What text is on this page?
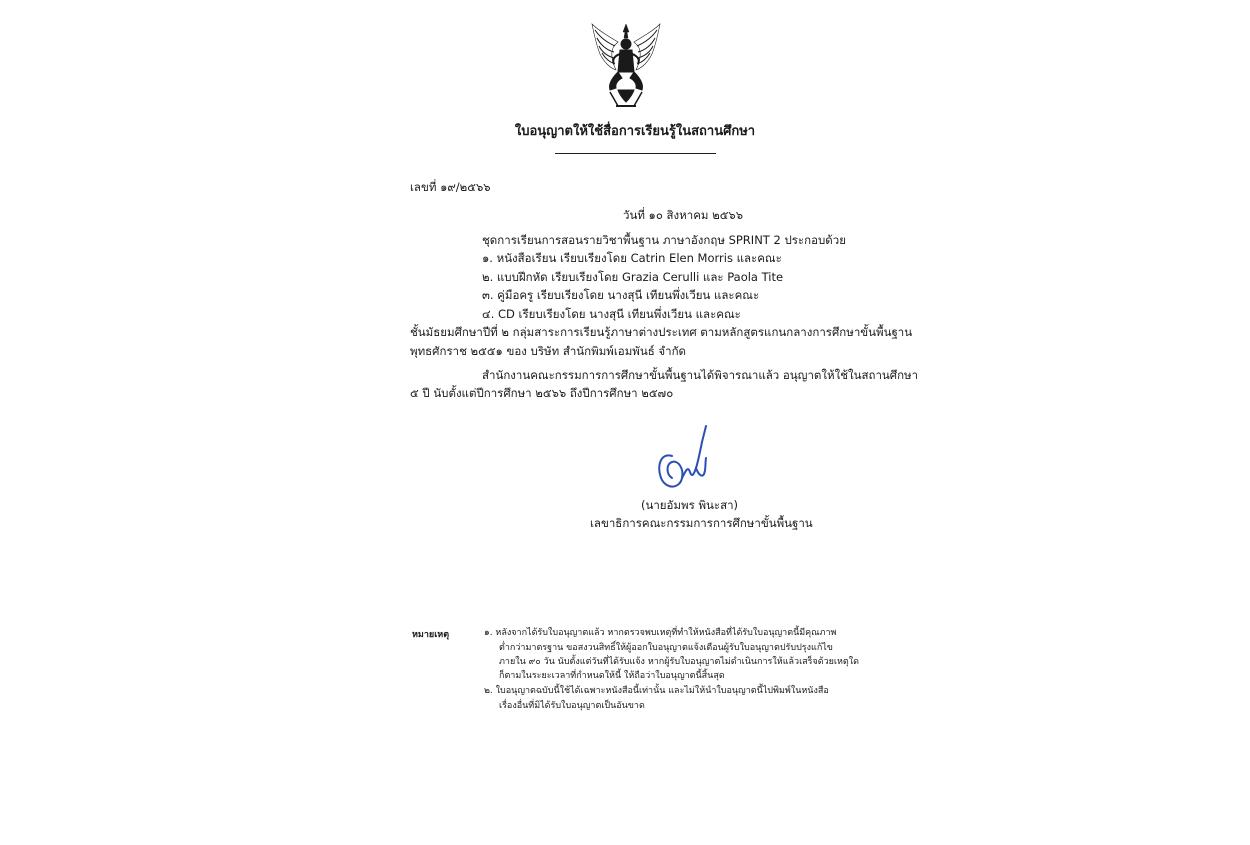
ใบอนุญาตให้ใช้สื่อการเรียนรู้ในสถานศึกษา
เลขที่ ๑๙/๒๕๖๖
วันที่ ๑๐ สิงหาคม ๒๕๖๖
ชุดการเรียนการสอนรายวิชาพื้นฐาน ภาษาอังกฤษ SPRINT 2 ประกอบด้วย
๑. หนังสือเรียน เรียบเรียงโดย Catrin Elen Morris และคณะ
๒. แบบฝึกหัด เรียบเรียงโดย Grazia Cerulli และ Paola Tite
๓. คู่มือครู เรียบเรียงโดย นางสุนี เทียนพึ่งเวียน และคณะ
๔. CD เรียบเรียงโดย นางสุนี เทียนพึ่งเวียน และคณะ
ชั้นมัธยมศึกษาปีที่ ๒ กลุ่มสาระการเรียนรู้ภาษาต่างประเทศ ตามหลักสูตรแกนกลางการศึกษาขั้นพื้นฐาน
พุทธศักราช ๒๕๕๑ ของ บริษัท สำนักพิมพ์เอมพันธ์ จำกัด
สำนักงานคณะกรรมการการศึกษาขั้นพื้นฐานได้พิจารณาแล้ว อนุญาตให้ใช้ในสถานศึกษา
๕ ปี นับตั้งแต่ปีการศึกษา ๒๕๖๖ ถึงปีการศึกษา ๒๕๗๐
(นายอัมพร พินะสา)
เลขาธิการคณะกรรมการการศึกษาขั้นพื้นฐาน
หมายเหตุ	๑. หลังจากได้รับใบอนุญาตแล้ว หากตรวจพบเหตุที่ทำให้หนังสือที่ได้รับใบอนุญาตนี้มีคุณภาพ
ต่ำกว่ามาตรฐาน ขอสงวนสิทธิ์ให้ผู้ออกใบอนุญาตแจ้งเตือนผู้รับใบอนุญาตปรับปรุงแก้ไข
ภายใน ๙๐ วัน นับตั้งแต่วันที่ได้รับแจ้ง หากผู้รับใบอนุญาตไม่ดำเนินการให้แล้วเสร็จด้วยเหตุใด
ก็ตามในระยะเวลาที่กำหนดให้นี้ ให้ถือว่าใบอนุญาตนี้สิ้นสุด
๒. ใบอนุญาตฉบับนี้ใช้ได้เฉพาะหนังสือนี้เท่านั้น และไม่ให้นำใบอนุญาตนี้ไปพิมพ์ในหนังสือ
เรื่องอื่นที่มิได้รับใบอนุญาตเป็นอันขาด
